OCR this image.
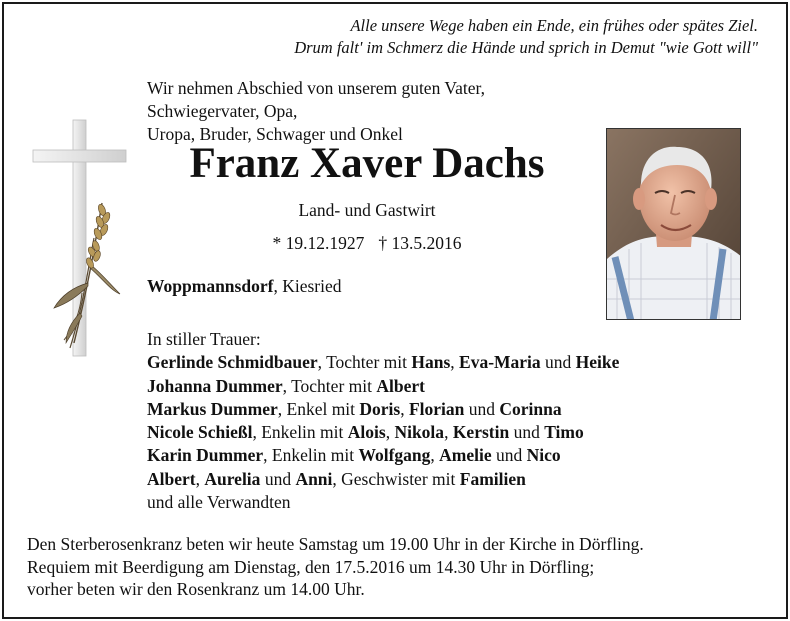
Alle unsere Wege haben ein Ende, ein frühes oder spätes Ziel.
Drum falt' im Schmerz die Hände und sprich in Demut "wie Gott will"
Wir nehmen Abschied von unserem guten Vater, Schwiegervater, Opa,
Uropa, Bruder, Schwager und Onkel
Franz Xaver Dachs
Land- und Gastwirt
* 19.12.1927 † 13.5.2016
Woppmannsdorf, Kiesried
In stiller Trauer:
Gerlinde Schmidbauer, Tochter mit Hans, Eva-Maria und Heike
Johanna Dummer, Tochter mit Albert
Markus Dummer, Enkel mit Doris, Florian und Corinna
Nicole Schießl, Enkelin mit Alois, Nikola, Kerstin und Timo
Karin Dummer, Enkelin mit Wolfgang, Amelie und Nico
Albert, Aurelia und Anni, Geschwister mit Familien
und alle Verwandten
Den Sterberosenkranz beten wir heute Samstag um 19.00 Uhr in der Kirche in Dörfling.
Requiem mit Beerdigung am Dienstag, den 17.5.2016 um 14.30 Uhr in Dörfling;
vorher beten wir den Rosenkranz um 14.00 Uhr.
